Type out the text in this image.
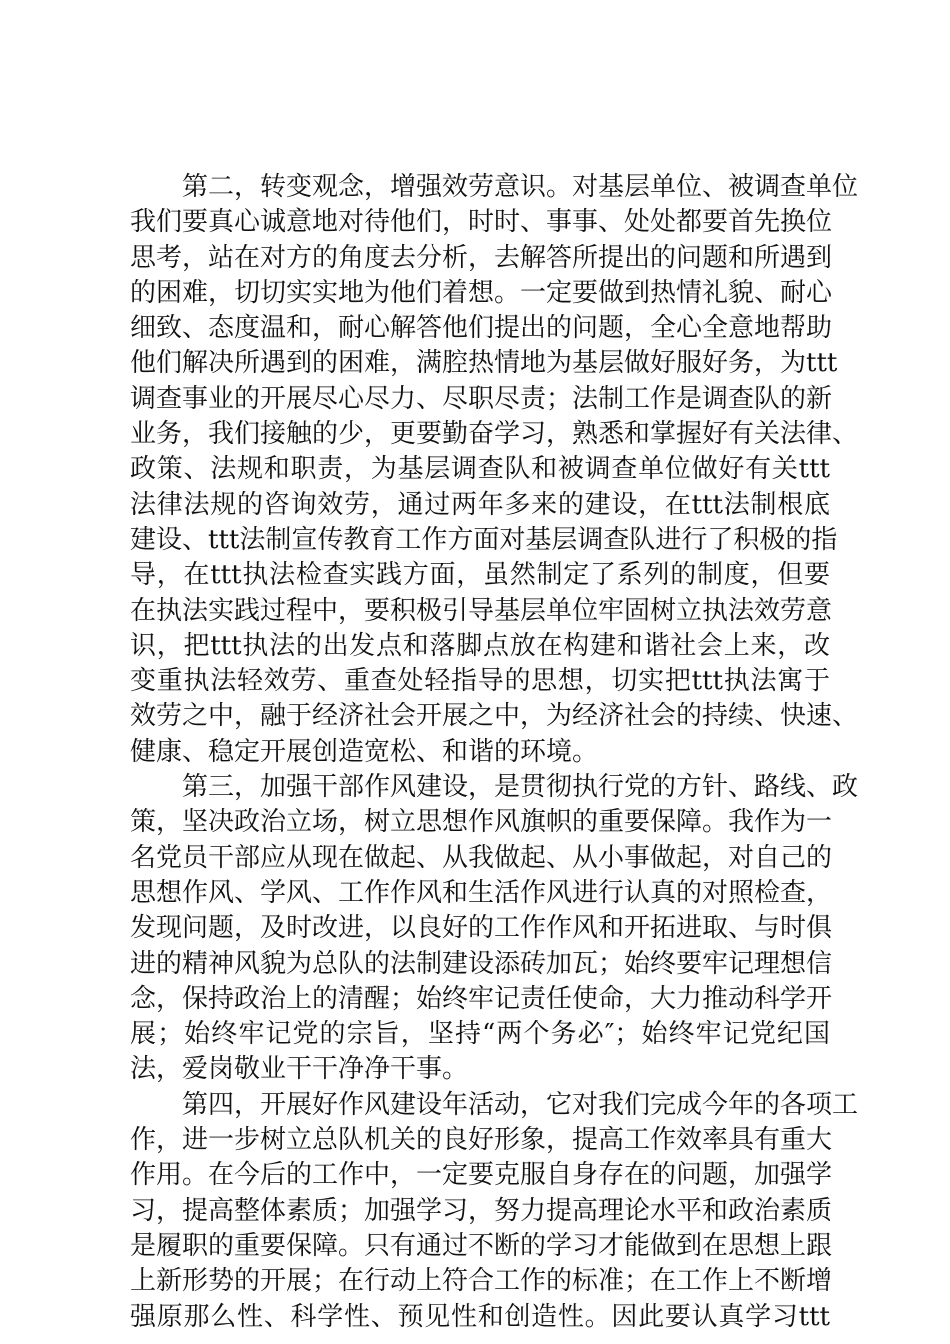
第二，转变观念，增强效劳意识。对基层单位、被调查单位
我们要真心诚意地对待他们，时时、事事、处处都要首先换位
思考，站在对方的角度去分析，去解答所提出的问题和所遇到
的困难，切切实实地为他们着想。一定要做到热情礼貌、耐心
细致、态度温和，耐心解答他们提出的问题，全心全意地帮助
他们解决所遇到的困难，满腔热情地为基层做好服好务，为ttt
调查事业的开展尽心尽力、尽职尽责；法制工作是调查队的新
业务，我们接触的少，更要勤奋学习，熟悉和掌握好有关法律、
政策、法规和职责，为基层调查队和被调查单位做好有关ttt
法律法规的咨询效劳，通过两年多来的建设，在ttt法制根底
建设、ttt法制宣传教育工作方面对基层调查队进行了积极的指
导，在ttt执法检查实践方面，虽然制定了系列的制度，但要
在执法实践过程中，要积极引导基层单位牢固树立执法效劳意
识，把ttt执法的出发点和落脚点放在构建和谐社会上来，改
变重执法轻效劳、重查处轻指导的思想，切实把ttt执法寓于
效劳之中，融于经济社会开展之中，为经济社会的持续、快速、
健康、稳定开展创造宽松、和谐的环境。
第三，加强干部作风建设，是贯彻执行党的方针、路线、政
策，坚决政治立场，树立思想作风旗帜的重要保障。我作为一
名党员干部应从现在做起、从我做起、从小事做起，对自己的
思想作风、学风、工作作风和生活作风进行认真的对照检查，
发现问题，及时改进，以良好的工作作风和开拓进取、与时俱
进的精神风貌为总队的法制建设添砖加瓦；始终要牢记理想信
念，保持政治上的清醒；始终牢记责任使命，大力推动科学开
展；始终牢记党的宗旨，坚持“两个务必″；始终牢记党纪国
法，爱岗敬业干干净净干事。
第四，开展好作风建设年活动，它对我们完成今年的各项工
作，进一步树立总队机关的良好形象，提高工作效率具有重大
作用。在今后的工作中，一定要克服自身存在的问题，加强学
习，提高整体素质；加强学习，努力提高理论水平和政治素质
是履职的重要保障。只有通过不断的学习才能做到在思想上跟
上新形势的开展；在行动上符合工作的标准；在工作上不断增
强原那么性、科学性、预见性和创造性。因此要认真学习ttt
